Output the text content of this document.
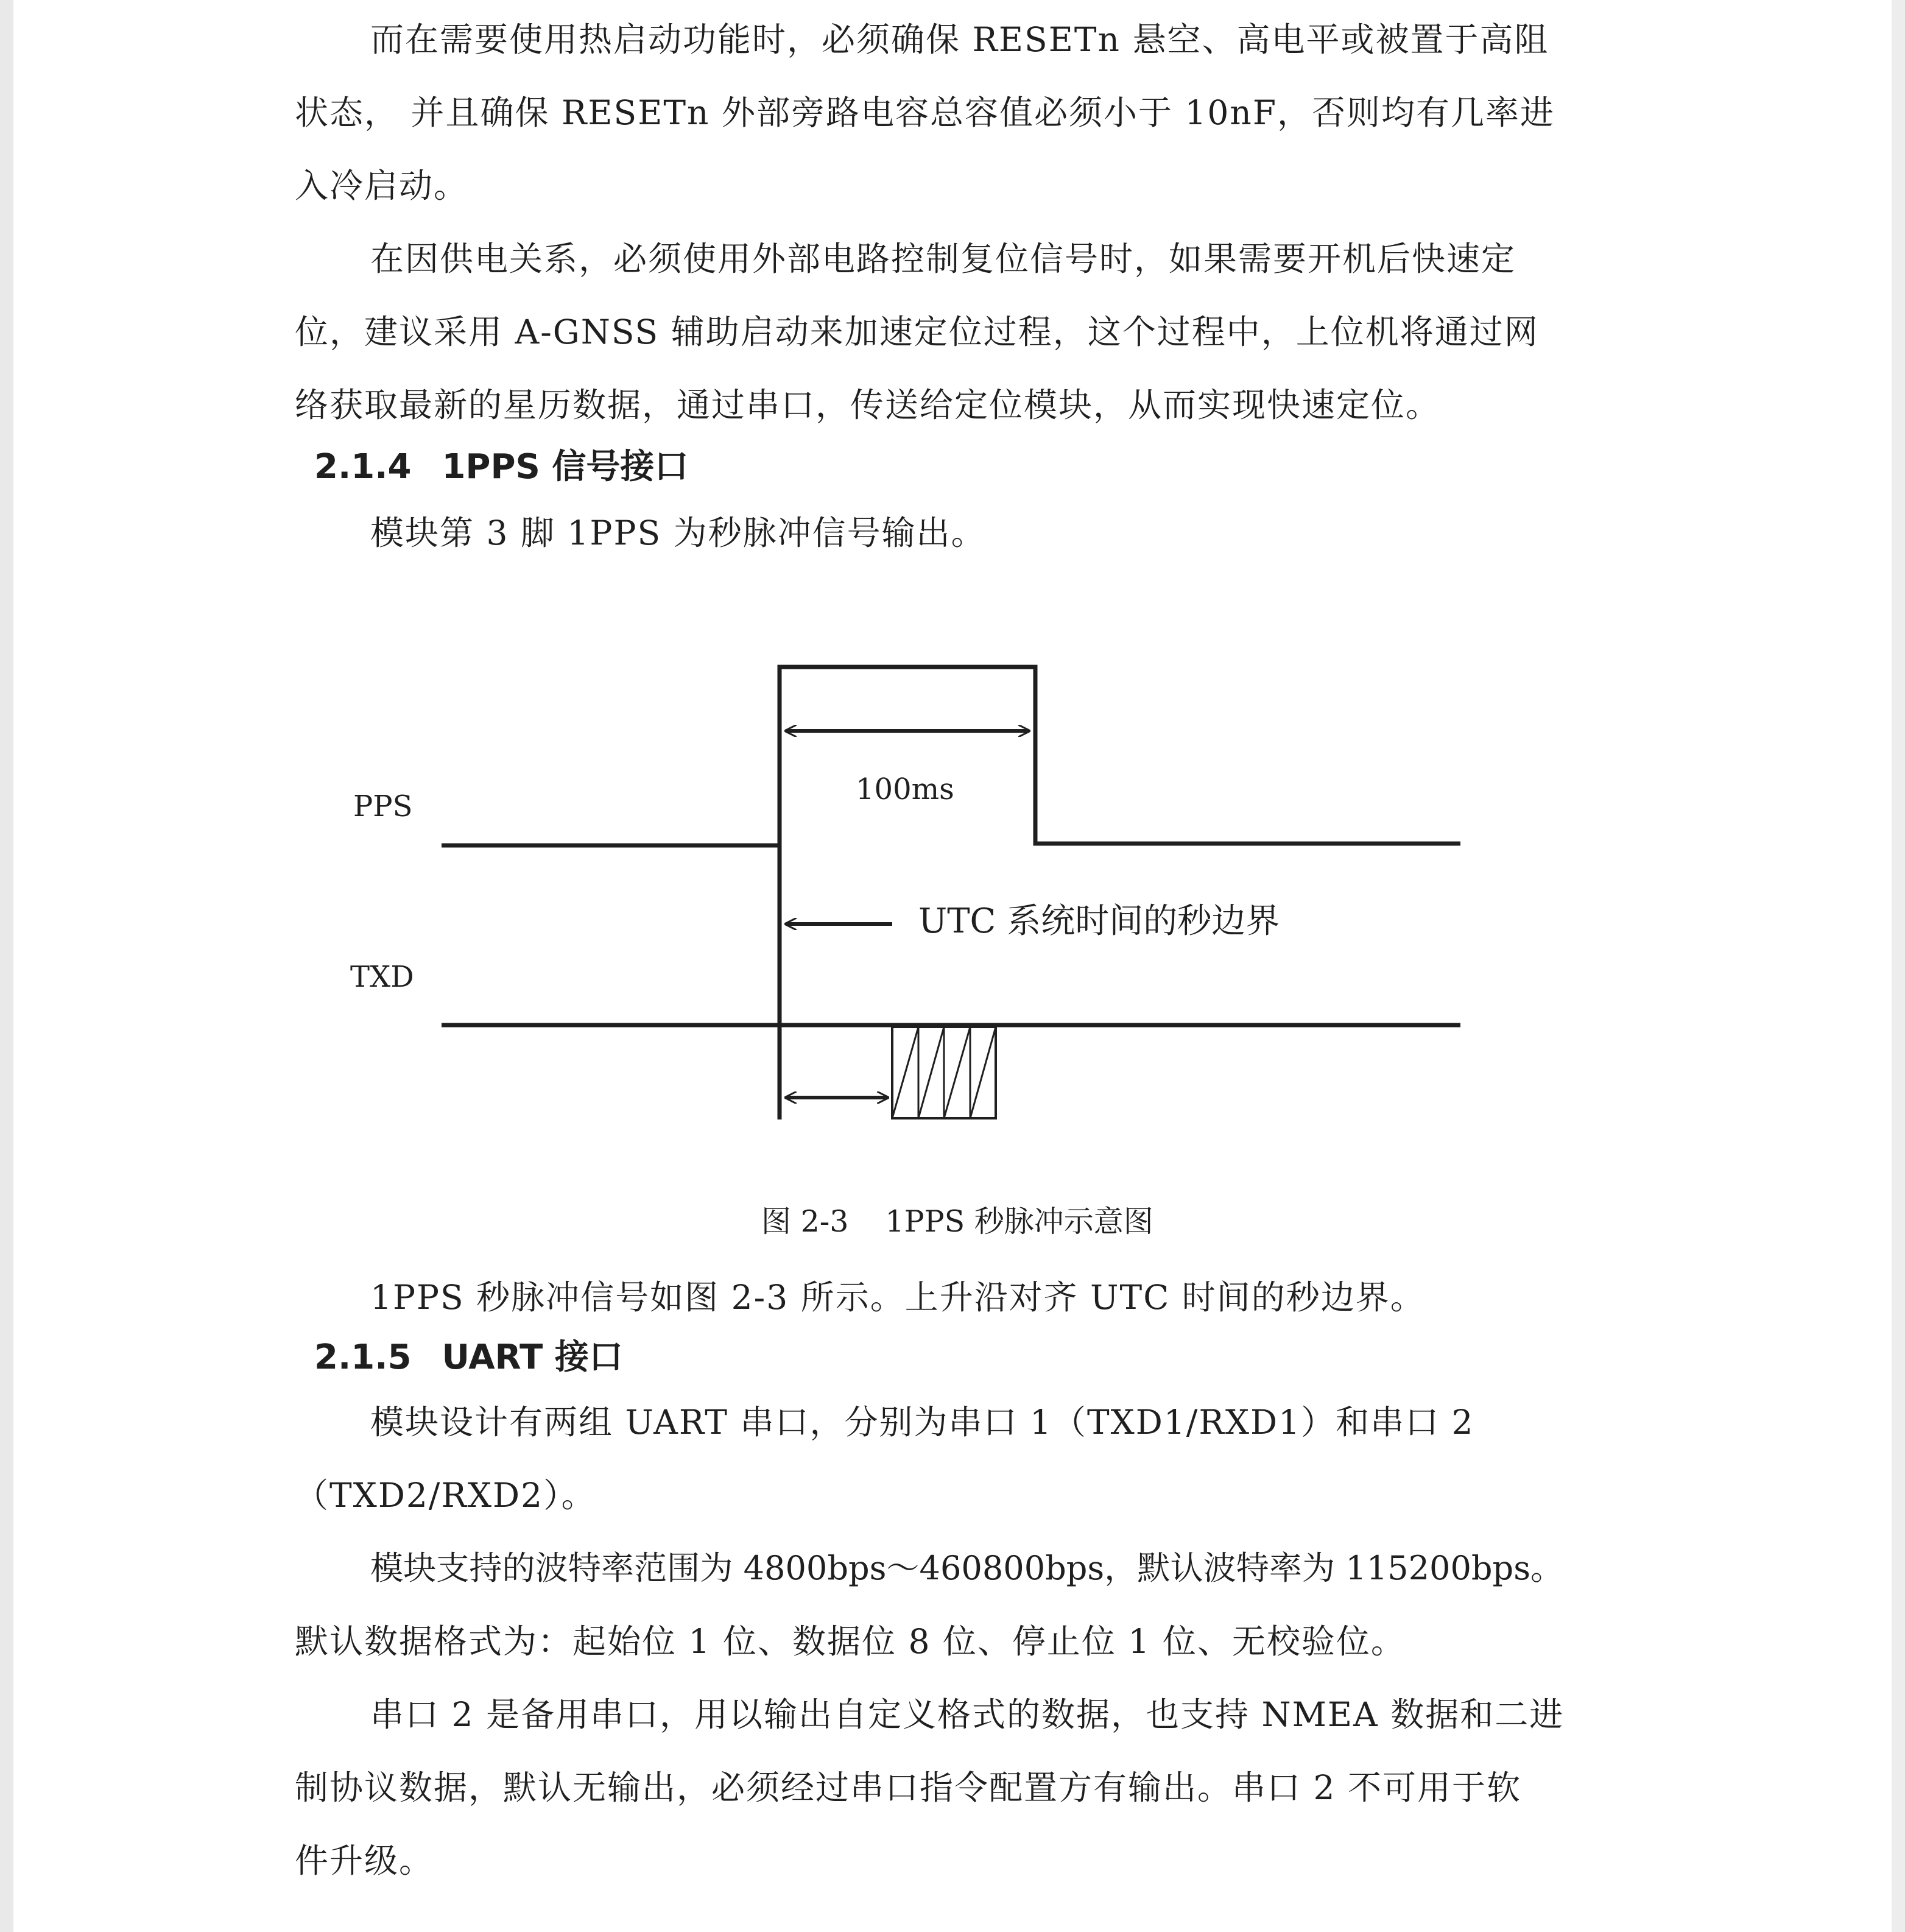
而在需要使用热启动功能时，必须确保 RESETn 悬空、高电平或被置于高阻
状态， 并且确保 RESETn 外部旁路电容总容值必须小于 10nF，否则均有几率进
入冷启动。
在因供电关系，必须使用外部电路控制复位信号时，如果需要开机后快速定
位，建议采用 A-GNSS 辅助启动来加速定位过程，这个过程中，上位机将通过网
络获取最新的星历数据，通过串口，传送给定位模块，从而实现快速定位。
2.1.4 1PPS 信号接口
模块第 3 脚 1PPS 为秒脉冲信号输出。
PPS
TXD
100ms
UTC 系统时间的秒边界
图 2-3 1PPS 秒脉冲示意图
1PPS 秒脉冲信号如图 2-3 所示。上升沿对齐 UTC 时间的秒边界。
2.1.5 UART 接口
模块设计有两组 UART 串口，分别为串口 1（TXD1/RXD1）和串口 2
（TXD2/RXD2）。
模块支持的波特率范围为 4800bps～460800bps，默认波特率为 115200bps。
默认数据格式为：起始位 1 位、数据位 8 位、停止位 1 位、无校验位。
串口 2 是备用串口，用以输出自定义格式的数据，也支持 NMEA 数据和二进
制协议数据，默认无输出，必须经过串口指令配置方有输出。串口 2 不可用于软
件升级。
